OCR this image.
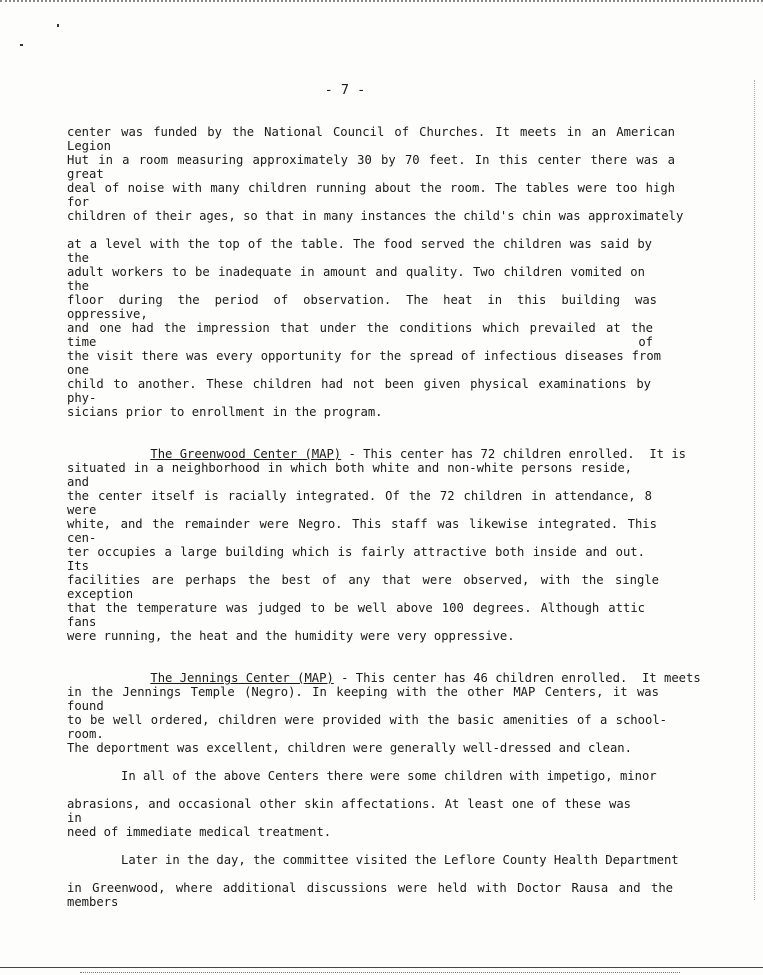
- 7 -
center was funded by the National Council of Churches. It meets in an American Legion
Hut in a room measuring approximately 30 by 70 feet. In this center there was a great
deal of noise with many children running about the room. The tables were too high for
children of their ages, so that in many instances the child's chin was approximately
at a level with the top of the table. The food served the children was said by the
adult workers to be inadequate in amount and quality. Two children vomited on the
floor during the period of observation. The heat in this building was oppressive,
and one had the impression that under the conditions which prevailed at the time of
the visit there was every opportunity for the spread of infectious diseases from one
child to another. These children had not been given physical examinations by phy-
sicians prior to enrollment in the program.

The Greenwood Center (MAP) - This center has 72 children enrolled.  It is

situated in a neighborhood in which both white and non-white persons reside, and
the center itself is racially integrated. Of the 72 children in attendance, 8 were
white, and the remainder were Negro. This staff was likewise integrated. This cen-
ter occupies a large building which is fairly attractive both inside and out. Its
facilities are perhaps the best of any that were observed, with the single exception
that the temperature was judged to be well above 100 degrees. Although attic fans
were running, the heat and the humidity were very oppressive.

The Jennings Center (MAP) - This center has 46 children enrolled.  It meets

in the Jennings Temple (Negro). In keeping with the other MAP Centers, it was found
to be well ordered, children were provided with the basic amenities of a school-room.
The deportment was excellent, children were generally well-dressed and clean.
In all of the above Centers there were some children with impetigo, minor
abrasions, and occasional other skin affectations. At least one of these was in
need of immediate medical treatment.
Later in the day, the committee visited the Leflore County Health Department
in Greenwood, where additional discussions were held with Doctor Rausa and the members
